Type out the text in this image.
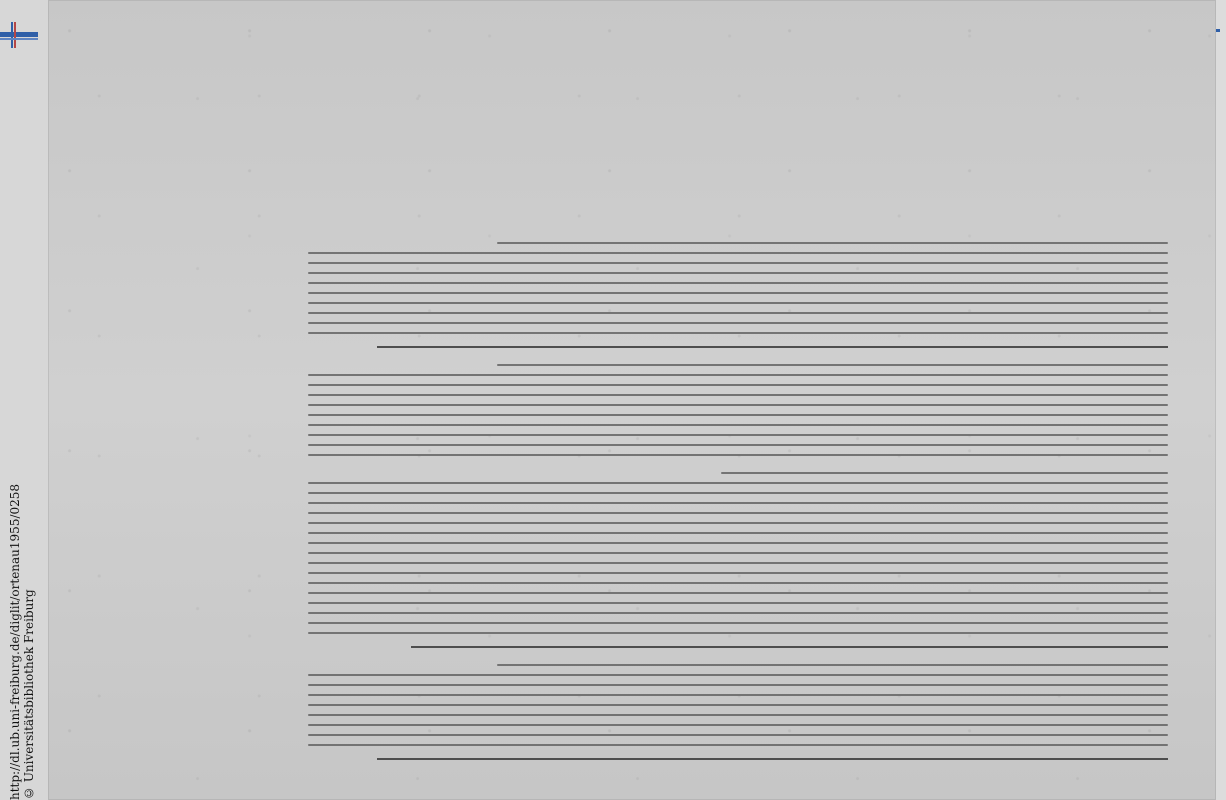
http://dl.ub.uni-freiburg.de/diglit/ortenau1955/0258 © Universitätsbibliothek Freiburg
